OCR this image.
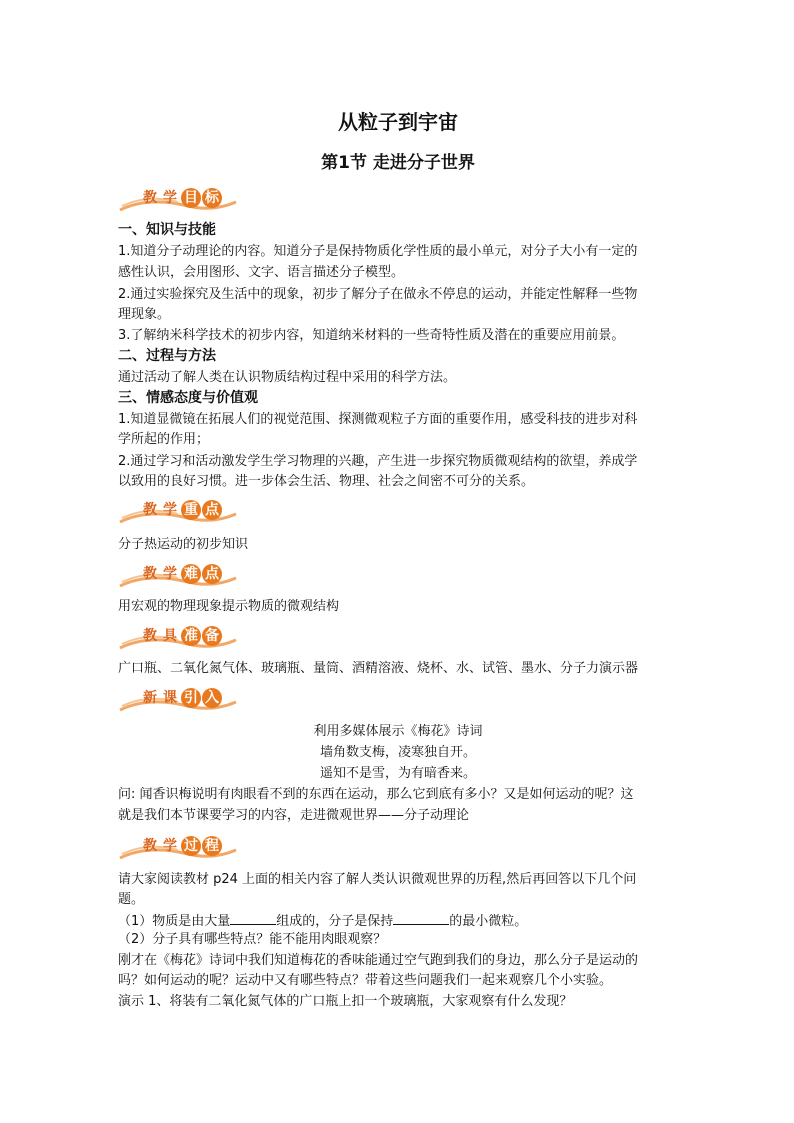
从粒子到宇宙
第1节 走进分子世界
教 学 目 标
一、知识与技能
1.知道分子动理论的内容。知道分子是保持物质化学性质的最小单元，对分子大小有一定的
感性认识，会用图形、文字、语言描述分子模型。
2.通过实验探究及生活中的现象，初步了解分子在做永不停息的运动，并能定性解释一些物
理现象。
3.了解纳米科学技术的初步内容，知道纳米材料的一些奇特性质及潜在的重要应用前景。
二、过程与方法
通过活动了解人类在认识物质结构过程中采用的科学方法。
三、情感态度与价值观
1.知道显微镜在拓展人们的视觉范围、探测微观粒子方面的重要作用，感受科技的进步对科
学所起的作用；
2.通过学习和活动激发学生学习物理的兴趣，产生进一步探究物质微观结构的欲望，养成学
以致用的良好习惯。进一步体会生活、物理、社会之间密不可分的关系。
教 学 重 点
分子热运动的初步知识
教 学 难 点
用宏观的物理现象提示物质的微观结构
教 具 准 备
广口瓶、二氧化氮气体、玻璃瓶、量筒、酒精溶液、烧杯、水、试管、墨水、分子力演示器
新 课 引 入
利用多媒体展示《梅花》诗词
墙角数支梅，凌寒独自开。
遥知不是雪，为有暗香来。
问: 闻香识梅说明有肉眼看不到的东西在运动，那么它到底有多小？又是如何运动的呢？这
就是我们本节课要学习的内容，走进微观世界——分子动理论
教 学 过 程
请大家阅读教材 p24 上面的相关内容了解人类认识微观世界的历程,然后再回答以下几个问
题。
（1）物质是由大量	组成的，分子是保持	的最小微粒。
（2）分子具有哪些特点？能不能用肉眼观察？
刚才在《梅花》诗词中我们知道梅花的香味能通过空气跑到我们的身边，那么分子是运动的
吗？如何运动的呢？运动中又有哪些特点？带着这些问题我们一起来观察几个小实验。
演示 1、将装有二氧化氮气体的广口瓶上扣一个玻璃瓶，大家观察有什么发现？
